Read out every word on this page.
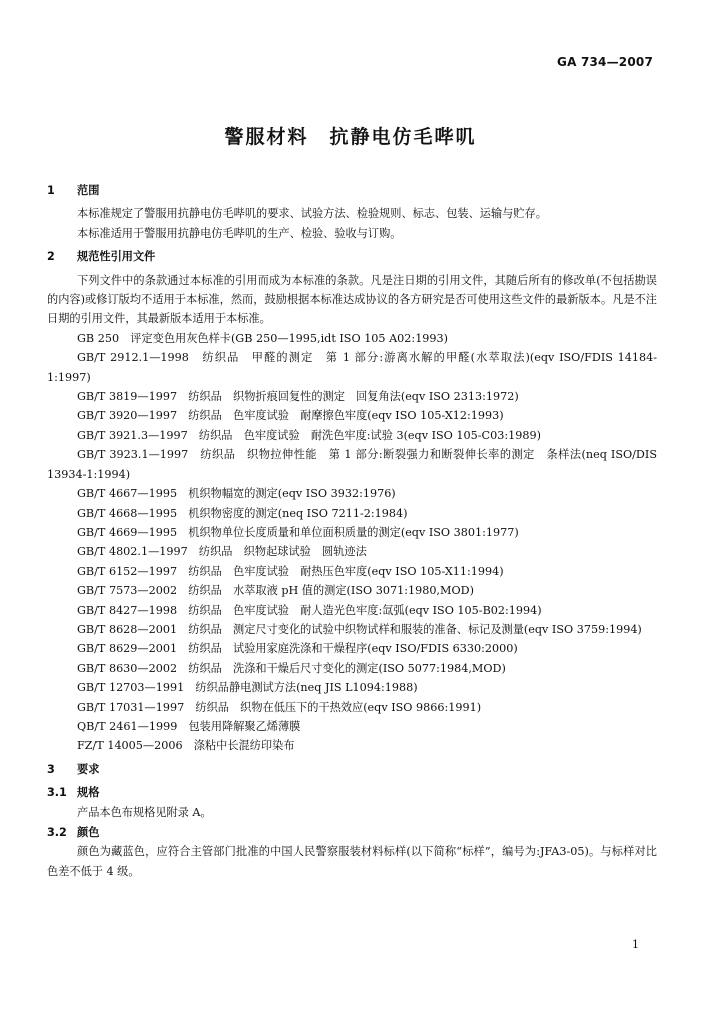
GA 734—2007
警服材料　抗静电仿毛哔叽
1 范围

本标准规定了警服用抗静电仿毛哔叽的要求、试验方法、检验规则、标志、包装、运输与贮存。

本标准适用于警服用抗静电仿毛哔叽的生产、检验、验收与订购。

2 规范性引用文件

下列文件中的条款通过本标准的引用而成为本标准的条款。凡是注日期的引用文件，其随后所有的修改单(不包括勘误的内容)或修订版均不适用于本标准，然而，鼓励根据本标准达成协议的各方研究是否可使用这些文件的最新版本。凡是不注日期的引用文件，其最新版本适用于本标准。

GB 250　评定变色用灰色样卡(GB 250—1995,idt ISO 105 A02:1993)

GB/T 2912.1—1998　纺织品　甲醛的测定　第 1 部分:游离水解的甲醛(水萃取法)(eqv ISO/FDIS 14184-1:1997)

GB/T 3819—1997　纺织品　织物折痕回复性的测定　回复角法(eqv ISO 2313:1972)

GB/T 3920—1997　纺织品　色牢度试验　耐摩擦色牢度(eqv ISO 105-X12:1993)

GB/T 3921.3—1997　纺织品　色牢度试验　耐洗色牢度:试验 3(eqv ISO 105-C03:1989)

GB/T 3923.1—1997　纺织品　织物拉伸性能　第 1 部分:断裂强力和断裂伸长率的测定　条样法(neq ISO/DIS 13934-1:1994)

GB/T 4667—1995　机织物幅宽的测定(eqv ISO 3932:1976)

GB/T 4668—1995　机织物密度的测定(neq ISO 7211-2:1984)

GB/T 4669—1995　机织物单位长度质量和单位面积质量的测定(eqv ISO 3801:1977)

GB/T 4802.1—1997　纺织品　织物起球试验　圆轨迹法

GB/T 6152—1997　纺织品　色牢度试验　耐热压色牢度(eqv ISO 105-X11:1994)

GB/T 7573—2002　纺织品　水萃取液 pH 值的测定(ISO 3071:1980,MOD)

GB/T 8427—1998　纺织品　色牢度试验　耐人造光色牢度:氙弧(eqv ISO 105-B02:1994)

GB/T 8628—2001　纺织品　测定尺寸变化的试验中织物试样和服装的准备、标记及测量(eqv ISO 3759:1994)

GB/T 8629—2001　纺织品　试验用家庭洗涤和干燥程序(eqv ISO/FDIS 6330:2000)

GB/T 8630—2002　纺织品　洗涤和干燥后尺寸变化的测定(ISO 5077:1984,MOD)

GB/T 12703—1991　纺织品静电测试方法(neq JIS L1094:1988)

GB/T 17031—1997　纺织品　织物在低压下的干热效应(eqv ISO 9866:1991)

QB/T 2461—1999　包装用降解聚乙烯薄膜

FZ/T 14005—2006　涤粘中长混纺印染布

3 要求
3.1 规格

产品本色布规格见附录 A。

3.2 颜色

颜色为藏蓝色，应符合主管部门批准的中国人民警察服装材料标样(以下简称“标样”，编号为:JFA3-05)。与标样对比色差不低于 4 级。

1
